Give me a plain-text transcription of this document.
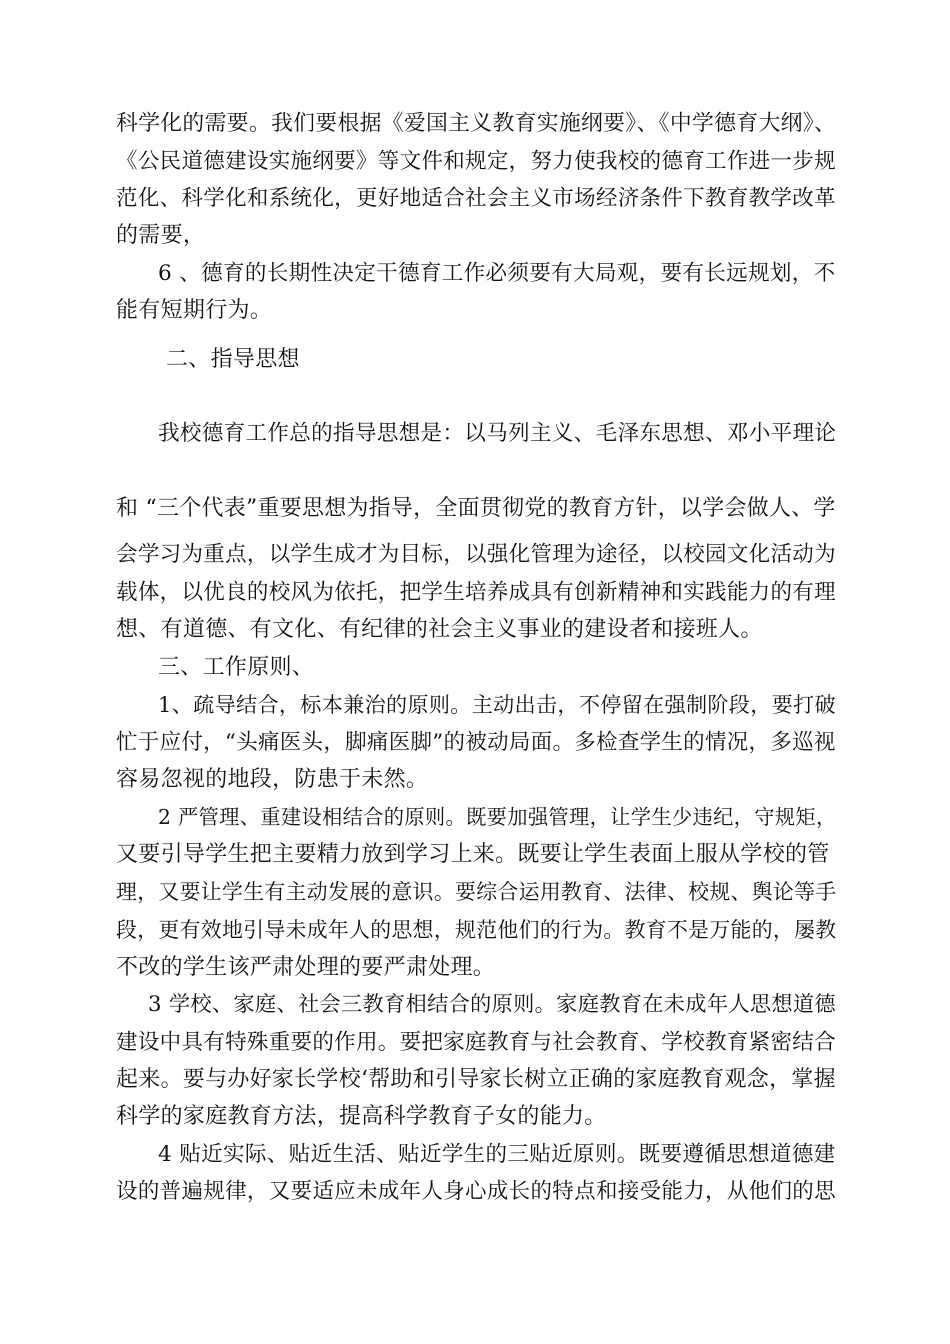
科学化的需要。我们要根据《爱国主义教育实施纲要》、《中学德育大纲》、
《公民道德建设实施纲要》等文件和规定，努力使我校的德育工作进一步规
范化、科学化和系统化，更好地适合社会主义市场经济条件下教育教学改革
的需要，
6 、德育的长期性决定干德育工作必须要有大局观，要有长远规划，不
能有短期行为。
二、指导思想
我校德育工作总的指导思想是：以马列主义、毛泽东思想、邓小平理论
和 “三个代表”重要思想为指导，全面贯彻党的教育方针，以学会做人、学
会学习为重点，以学生成才为目标，以强化管理为途径，以校园文化活动为
载体，以优良的校风为依托，把学生培养成具有创新精神和实践能力的有理
想、有道德、有文化、有纪律的社会主义事业的建设者和接班人。
三、工作原则、
1、疏导结合，标本兼治的原则。主动出击，不停留在强制阶段，要打破
忙于应付，“头痛医头，脚痛医脚”的被动局面。多检查学生的情况，多巡视
容易忽视的地段，防患于未然。
2 严管理、重建设相结合的原则。既要加强管理，让学生少违纪，守规矩，
又要引导学生把主要精力放到学习上来。既要让学生表面上服从学校的管
理，又要让学生有主动发展的意识。要综合运用教育、法律、校规、舆论等手
段，更有效地引导未成年人的思想，规范他们的行为。教育不是万能的，屡教
不改的学生该严肃处理的要严肃处理。
3 学校、家庭、社会三教育相结合的原则。家庭教育在未成年人思想道德
建设中具有特殊重要的作用。要把家庭教育与社会教育、学校教育紧密结合
起来。要与办好家长学校‘帮助和引导家长树立正确的家庭教育观念，掌握
科学的家庭教育方法，提高科学教育子女的能力。
4 贴近实际、贴近生活、贴近学生的三贴近原则。既要遵循思想道德建
设的普遍规律，又要适应未成年人身心成长的特点和接受能力，从他们的思
